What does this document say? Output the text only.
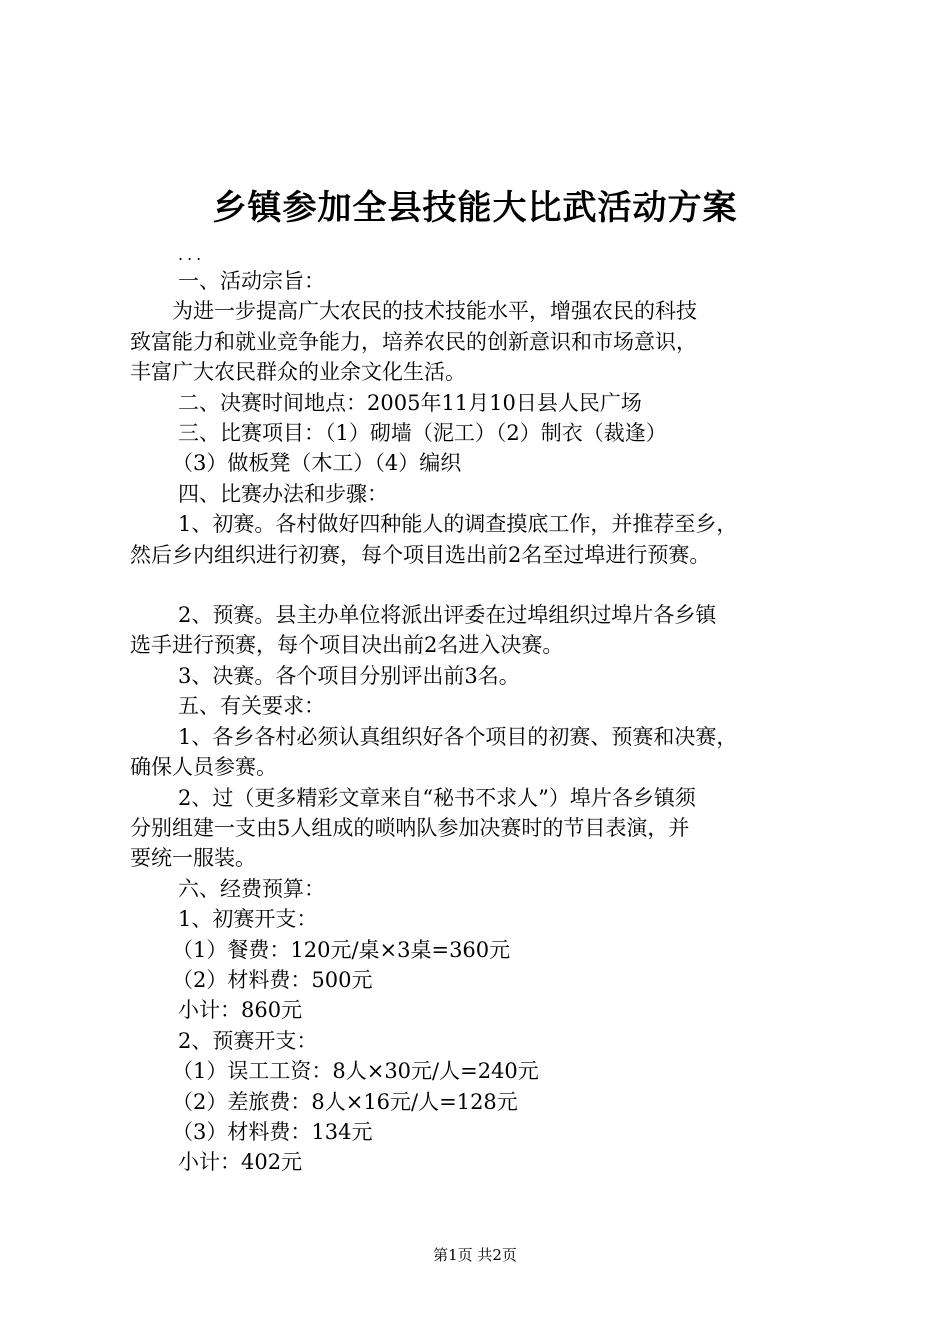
乡镇参加全县技能大比武活动方案

...

一、活动宗旨：

为进一步提高广大农民的技术技能水平，增强农民的科技

致富能力和就业竞争能力，培养农民的创新意识和市场意识，

丰富广大农民群众的业余文化生活。

二、决赛时间地点：2005年11月10日县人民广场

三、比赛项目：（1）砌墙（泥工）（2）制衣（裁逢）

（3）做板凳（木工）（4）编织

四、比赛办法和步骤：

1、初赛。各村做好四种能人的调查摸底工作，并推荐至乡，

然后乡内组织进行初赛，每个项目选出前2名至过埠进行预赛。

2、预赛。县主办单位将派出评委在过埠组织过埠片各乡镇

选手进行预赛，每个项目决出前2名进入决赛。

3、决赛。各个项目分别评出前3名。

五、有关要求：

1、各乡各村必须认真组织好各个项目的初赛、预赛和决赛，

确保人员参赛。

2、过（更多精彩文章来自“秘书不求人”）埠片各乡镇须

分别组建一支由5人组成的唢呐队参加决赛时的节目表演，并

要统一服装。

六、经费预算：

1、初赛开支：

（1）餐费：120元/桌×3桌=360元

（2）材料费：500元

小计：860元

2、预赛开支：

（1）误工工资：8人×30元/人=240元

（2）差旅费：8人×16元/人=128元

（3）材料费：134元

小计：402元

第1页 共2页
